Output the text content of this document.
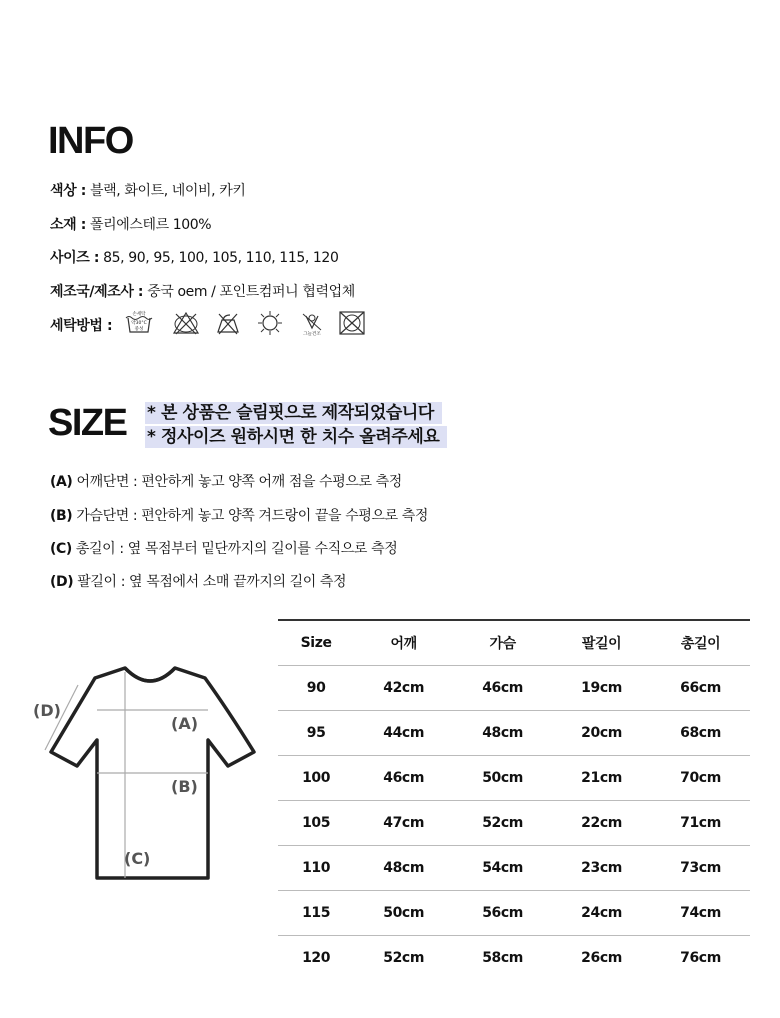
INFO
색상 : 블랙, 화이트, 네이비, 카키
소재 : 폴리에스테르 100%
사이즈 : 85, 90, 95, 100, 105, 110, 115, 120
제조국/제조사 : 중국 oem / 포인트컴퍼니 협력업체
세탁방법 :
손세탁
약30°C
중성
그늘건조
SIZE * 본 상품은 슬림핏으로 제작되었습니다
* 정사이즈 원하시면 한 치수 올려주세요
(A) 어깨단면 : 편안하게 놓고 양쪽 어깨 점을 수평으로 측정
(B) 가슴단면 : 편안하게 놓고 양쪽 겨드랑이 끝을 수평으로 측정
(C) 총길이 : 옆 목점부터 밑단까지의 길이를 수직으로 측정
(D) 팔길이 : 옆 목점에서 소매 끝까지의 길이 측정
(A)
(B)
(C)
(D)
Size	어깨	가슴	팔길이	총길이
90	42cm	46cm	19cm	66cm
95	44cm	48cm	20cm	68cm
100	46cm	50cm	21cm	70cm
105	47cm	52cm	22cm	71cm
110	48cm	54cm	23cm	73cm
115	50cm	56cm	24cm	74cm
120	52cm	58cm	26cm	76cm
